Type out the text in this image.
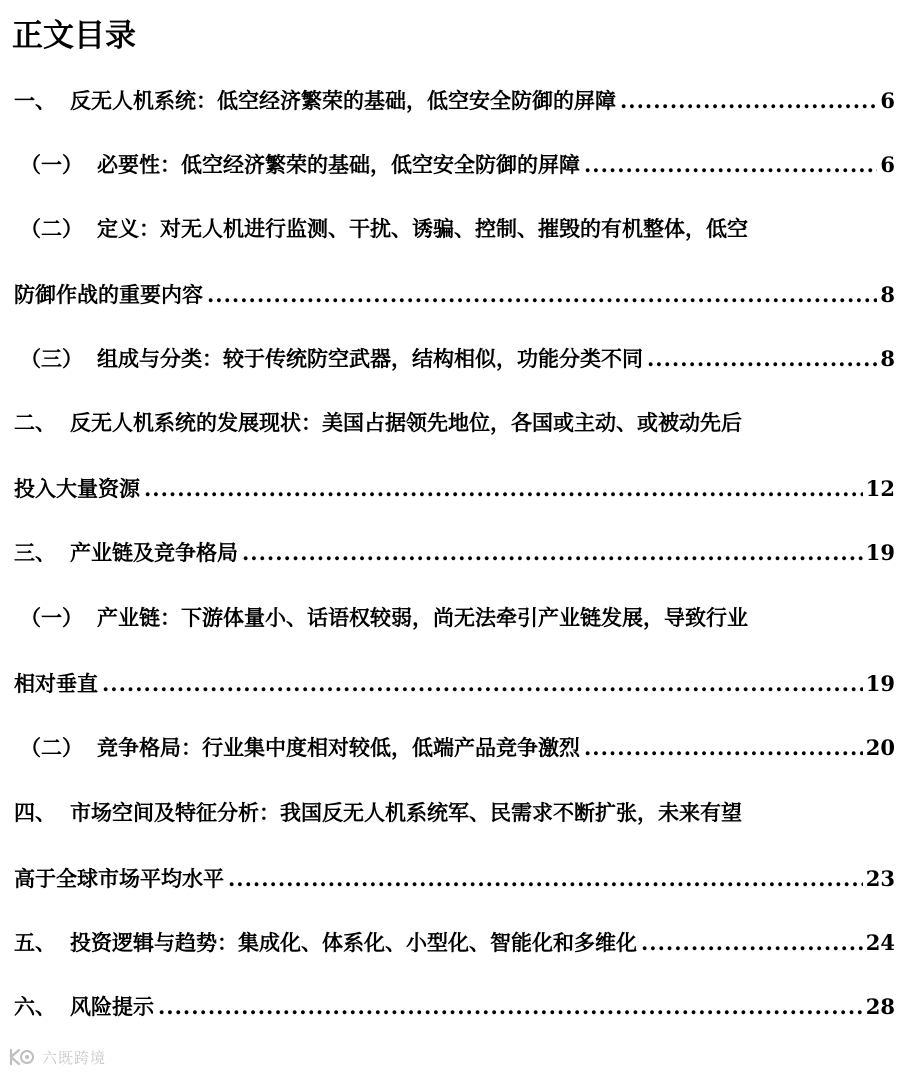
正文目录
一、 反无人机系统：低空经济繁荣的基础，低空安全防御的屏障 .....	6
（一） 必要性：低空经济繁荣的基础，低空安全防御的屏障 .....	6
（二） 定义：对无人机进行监测、干扰、诱骗、控制、摧毁的有机整体，低空
防御作战的重要内容 .....	8
（三） 组成与分类：较于传统防空武器，结构相似，功能分类不同 .....	8
二、 反无人机系统的发展现状：美国占据领先地位，各国或主动、或被动先后
投入大量资源 .....	12
三、 产业链及竞争格局 .....	19
（一） 产业链：下游体量小、话语权较弱，尚无法牵引产业链发展，导致行业
相对垂直 .....	19
（二） 竞争格局：行业集中度相对较低，低端产品竞争激烈 .....	20
四、 市场空间及特征分析：我国反无人机系统军、民需求不断扩张，未来有望
高于全球市场平均水平 .....	23
五、 投资逻辑与趋势：集成化、体系化、小型化、智能化和多维化 .....	24
六、 风险提示 .....	28
六既跨境
